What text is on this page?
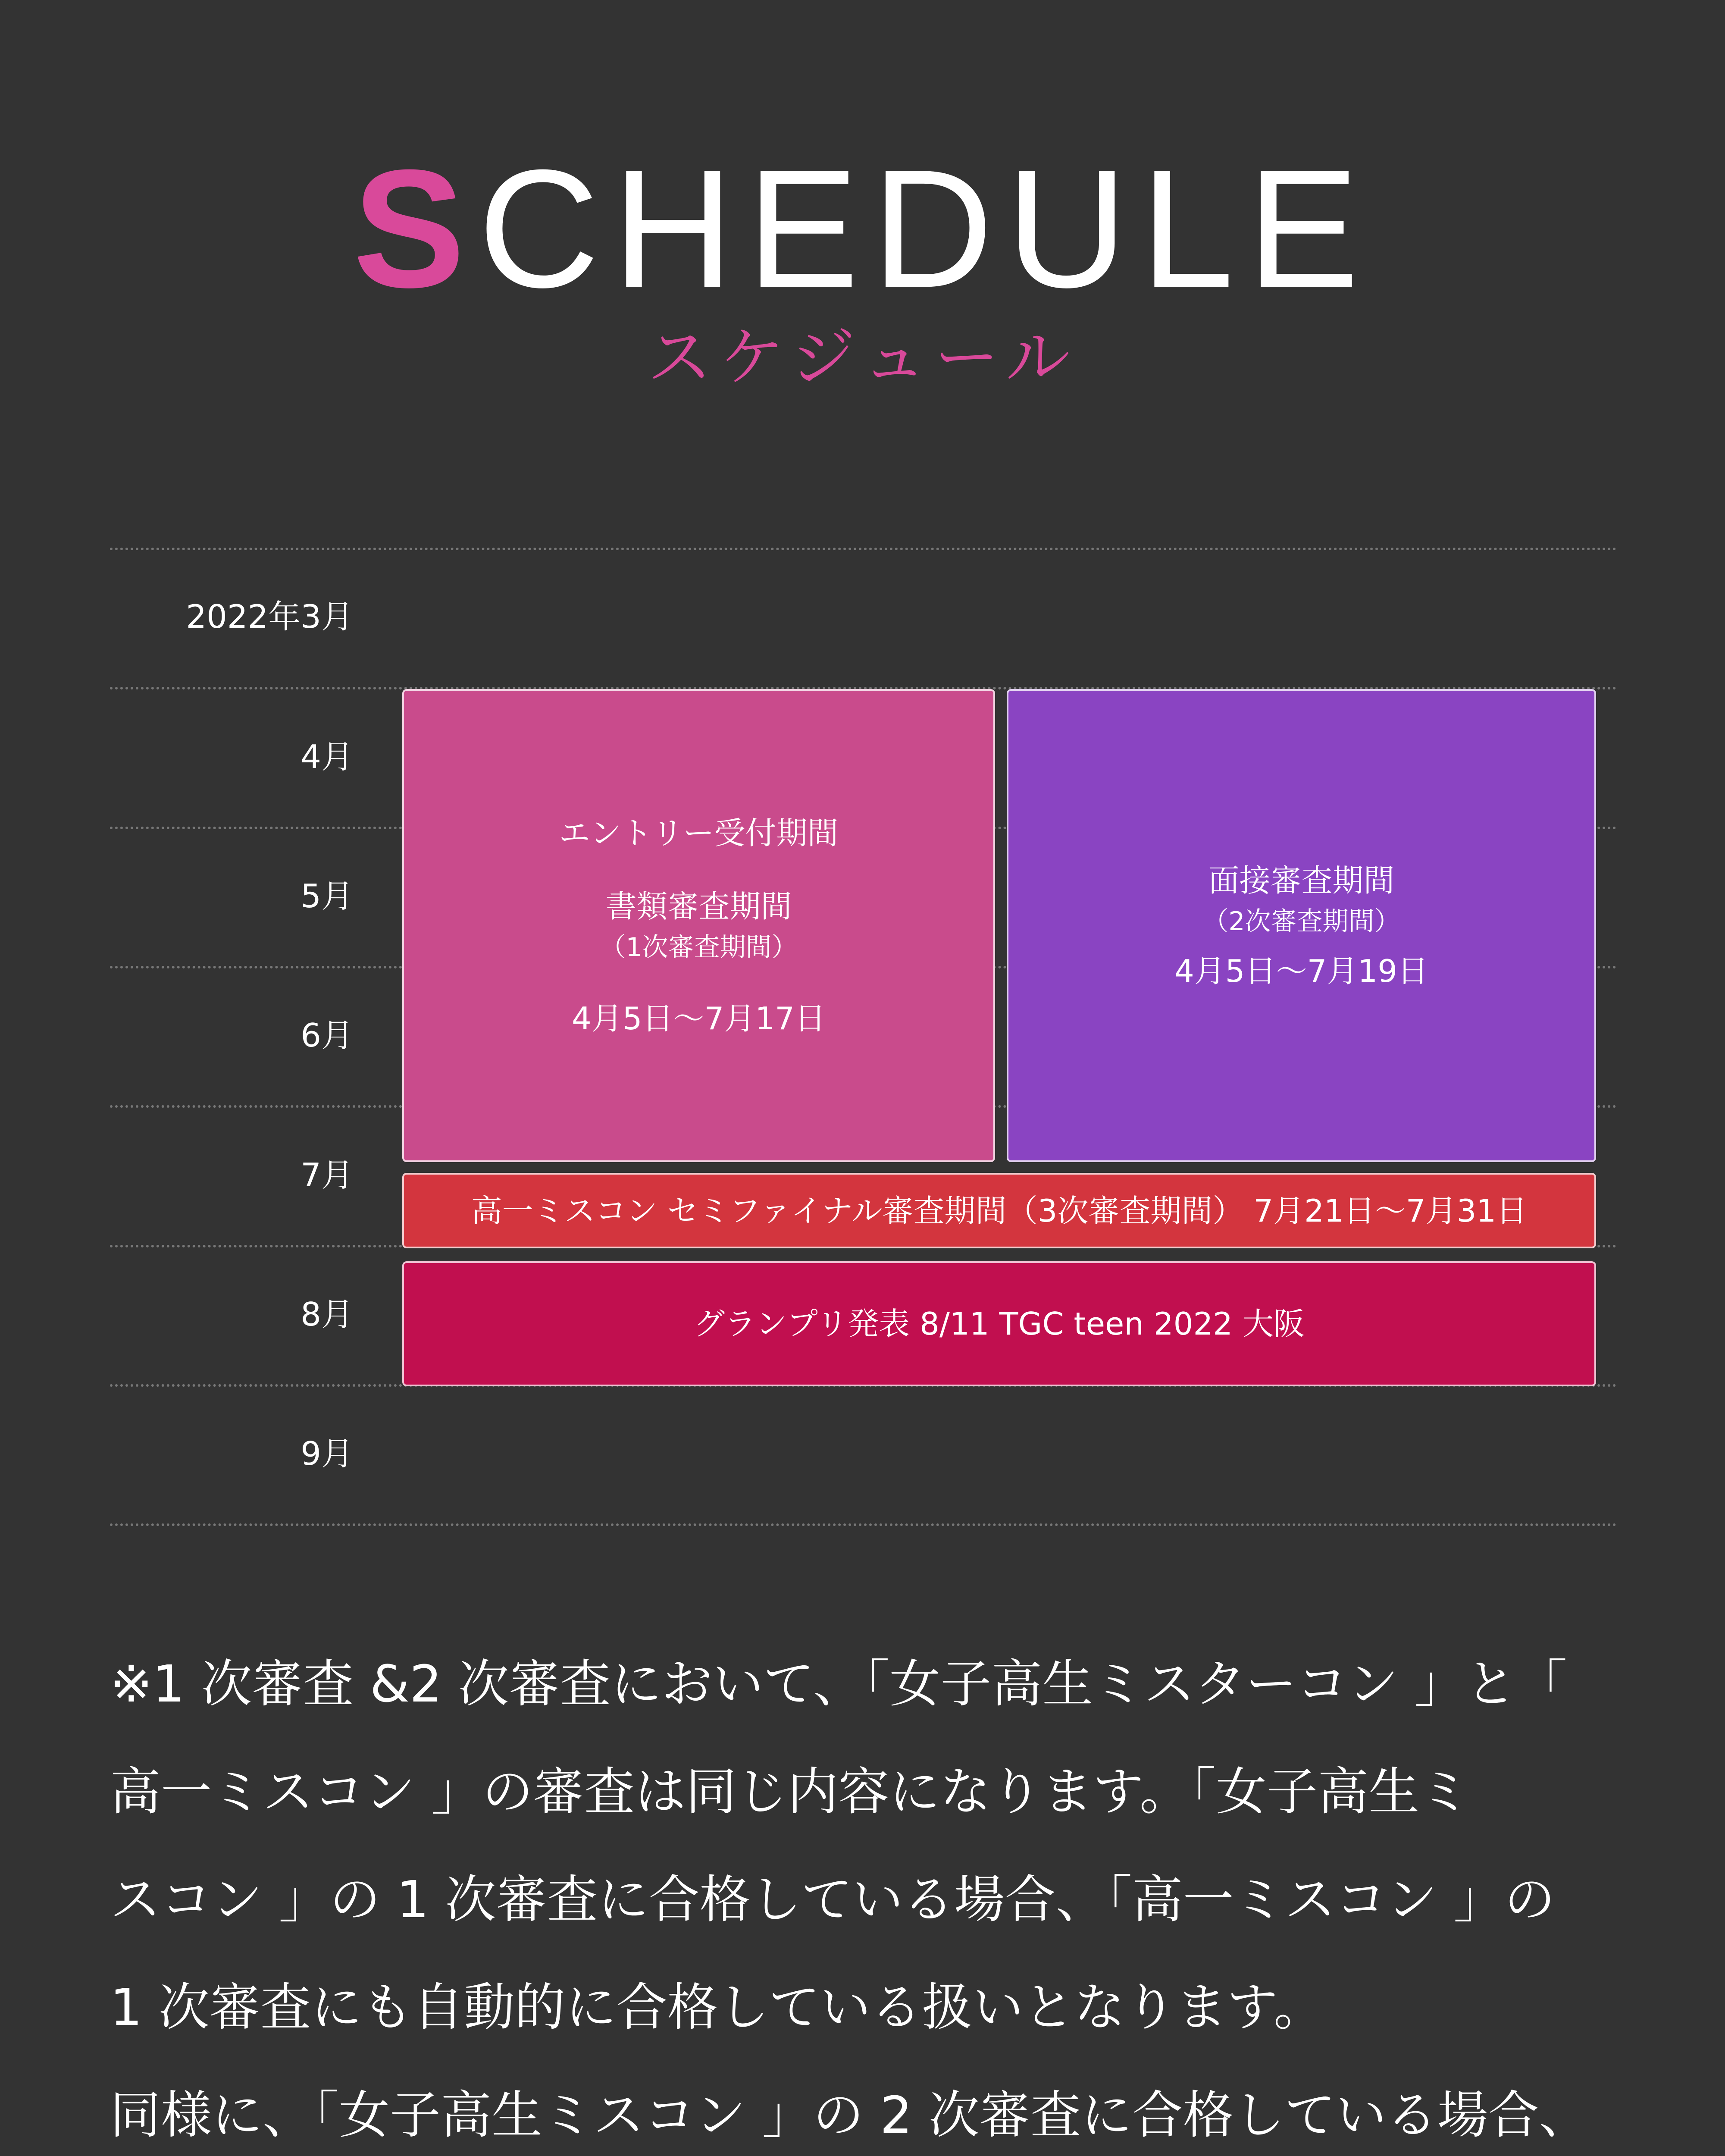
SCHEDULE
スケジュール
2022年3月
4月
5月
6月
7月
8月
9月
エントリー受付期間
書類審査期間
（1次審査期間）
4月5日〜7月17日
面接審査期間
（2次審査期間）
4月5日〜7月19日
高一ミスコン セミファイナル審査期間（3次審査期間） 7月21日〜7月31日
グランプリ発表 8/11 TGC teen 2022 大阪
※1 次審査 &2 次審査において、「女子高生ミスターコン 」と「
高一ミスコン 」の審査は同じ内容になります。「女子高生ミ
スコン 」の 1 次審査に合格している場合、「高一ミスコン 」の
1 次審査にも自動的に合格している扱いとなります。
同様に、「女子高生ミスコン 」の 2 次審査に合格している場合、
